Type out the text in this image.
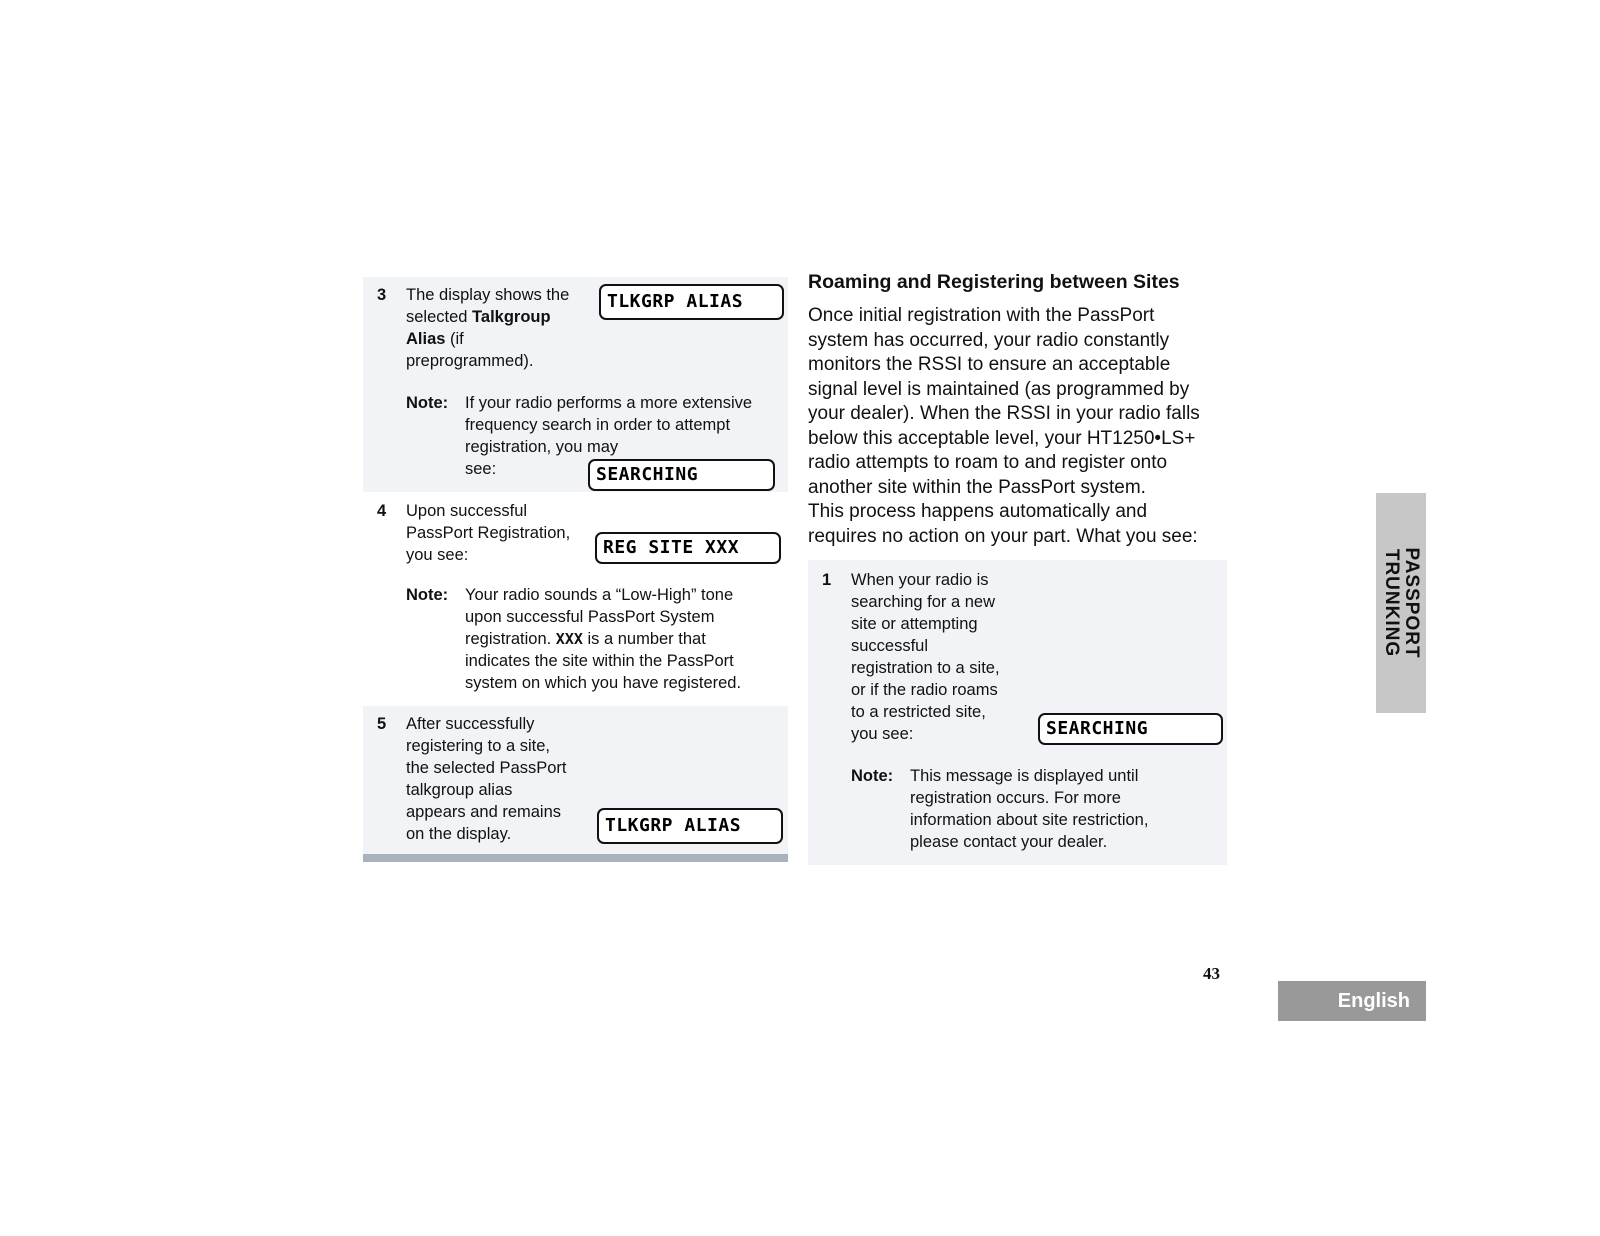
3 The display shows the
selected Talkgroup
Alias (if
preprogrammed).
TLKGRP ALIAS
Note: If your radio performs a more extensive
frequency search in order to attempt
registration, you may
see:	SEARCHING
4 Upon successful
PassPort Registration,
you see:	REG SITE XXX
Note: Your radio sounds a “Low-High” tone
upon successful PassPort System
registration. XXX is a number that
indicates the site within the PassPort
system on which you have registered.
5 After successfully
registering to a site,
the selected PassPort
talkgroup alias
appears and remains
on the display.	TLKGRP ALIAS
Roaming and Registering between Sites
Once initial registration with the PassPort
system has occurred, your radio constantly
monitors the RSSI to ensure an acceptable
signal level is maintained (as programmed by
your dealer). When the RSSI in your radio falls
below this acceptable level, your HT1250•LS+
radio attempts to roam to and register onto
another site within the PassPort system.
This process happens automatically and
requires no action on your part. What you see:
1 When your radio is
searching for a new
site or attempting
successful
registration to a site,
or if the radio roams
to a restricted site,
you see:	SEARCHING
Note: This message is displayed until
registration occurs. For more
information about site restriction,
please contact your dealer.
PASSPORT
TRUNKING
43
English
